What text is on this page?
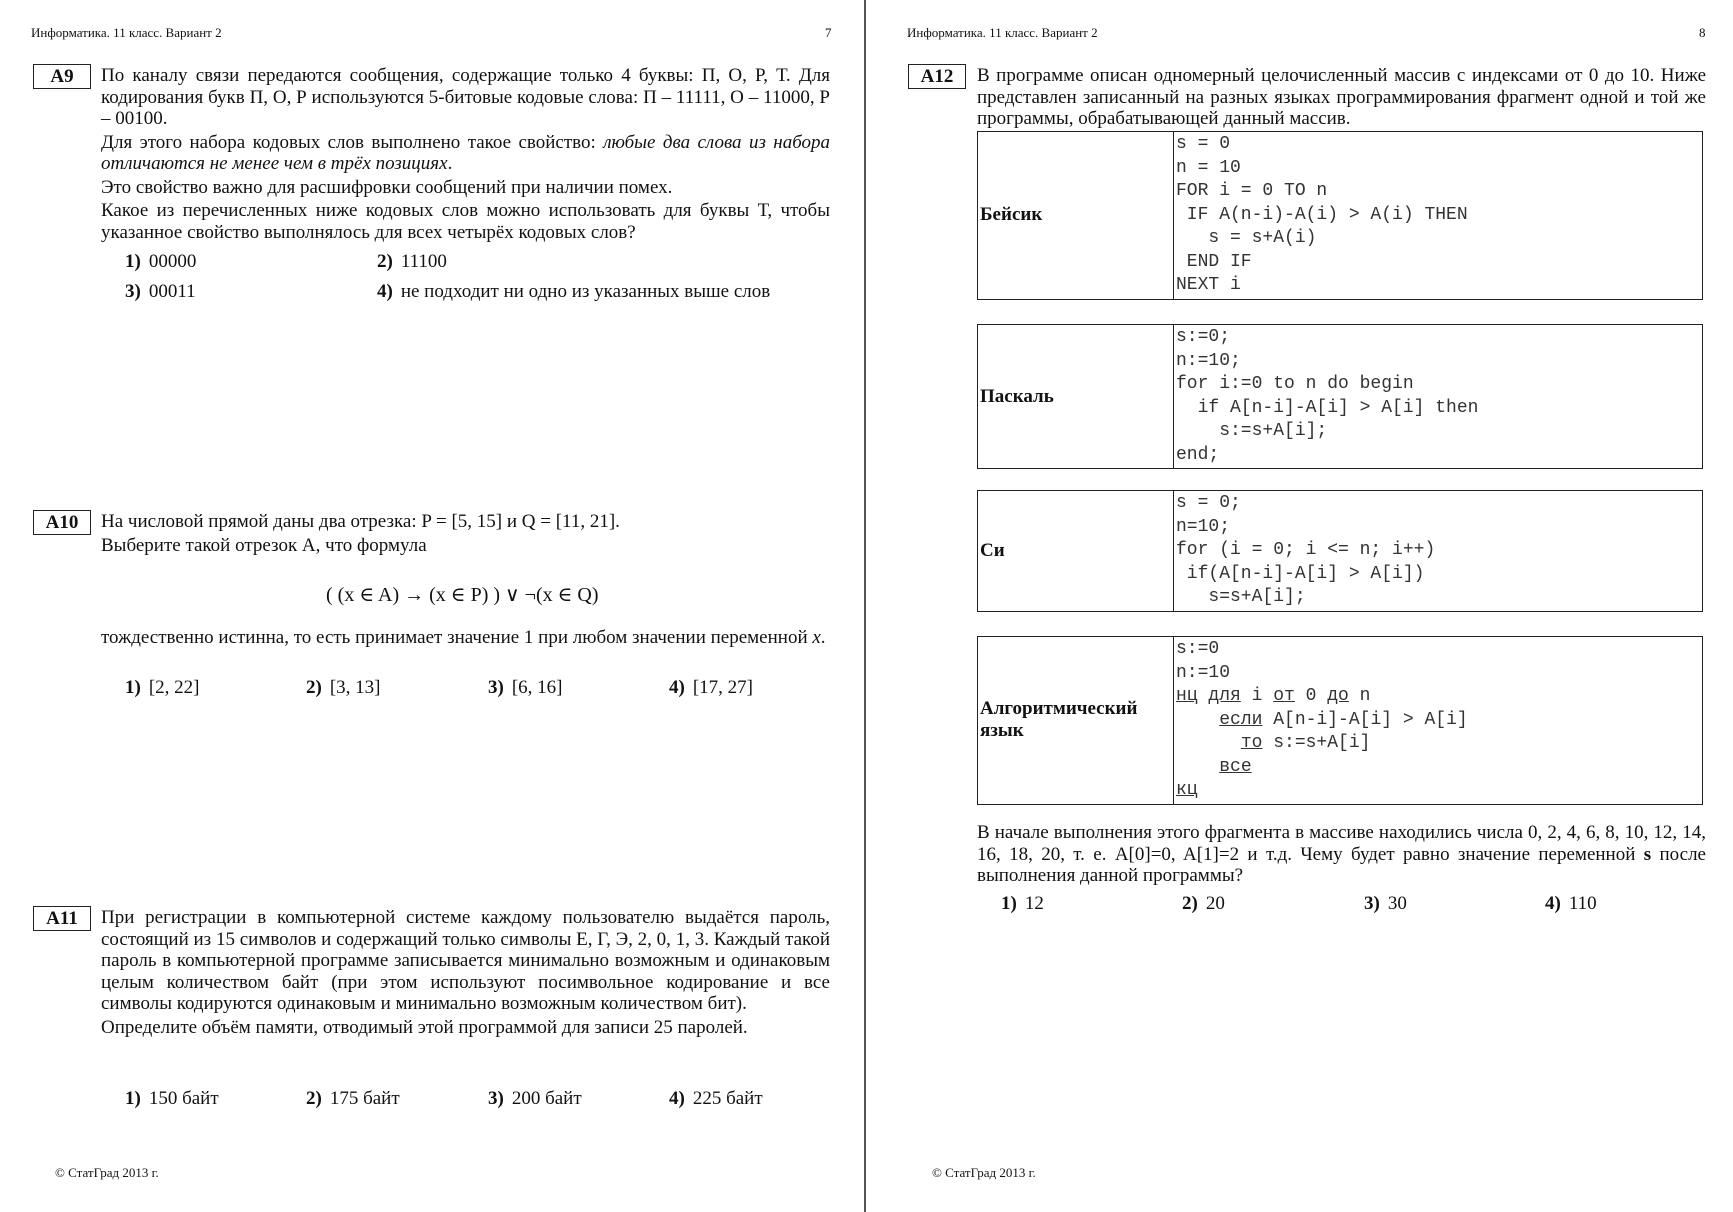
Информатика. 11 класс. Вариант 2	7
A9	По каналу связи передаются сообщения, содержащие только 4 буквы: П, О, Р, Т. Для кодирования букв П, О, Р используются 5-битовые кодовые слова: П – 11111, О – 11000, Р – 00100.

Для этого набора кодовых слов выполнено такое свойство: любые два слова из набора отличаются не менее чем в трёх позициях.

Это свойство важно для расшифровки сообщений при наличии помех.

Какое из перечисленных ниже кодовых слов можно использовать для буквы Т, чтобы указанное свойство выполнялось для всех четырёх кодовых слов?

1) 00000	2) 11100
3) 00011	4) не подходит ни одно из указанных выше слов
A10	На числовой прямой даны два отрезка: P = [5, 15] и Q = [11, 21].

Выберите такой отрезок A, что формула

( (x ∈ A) → (x ∈ P) ) ∨ ¬(x ∈ Q)

тождественно истинна, то есть принимает значение 1 при любом значении переменной х.

1) [2, 22]	2) [3, 13]	3) [6, 16]	4) [17, 27]
A11	При регистрации в компьютерной системе каждому пользователю выдаётся пароль, состоящий из 15 символов и содержащий только символы Е, Г, Э, 2, 0, 1, 3. Каждый такой пароль в компьютерной программе записывается минимально возможным и одинаковым целым количеством байт (при этом используют посимвольное кодирование и все символы кодируются одинаковым и минимально возможным количеством бит).

Определите объём памяти, отводимый этой программой для записи 25 паролей.

1) 150 байт	2) 175 байт	3) 200 байт	4) 225 байт
© СтатГрад 2013 г.
Информатика. 11 класс. Вариант 2	8
A12	В программе описан одномерный целочисленный массив с индексами от 0 до 10. Ниже представлен записанный на разных языках программирования фрагмент одной и той же программы, обрабатывающей данный массив.
Бейсик	s = 0
n = 10
FOR i = 0 TO n
IF A(n-i)-A(i) > A(i) THEN
s = s+A(i)
END IF
NEXT i
Паскаль	s:=0;
n:=10;
for i:=0 to n do begin
if A[n-i]-A[i] > A[i] then
s:=s+A[i];
end;
Си	s = 0;
n=10;
for (i = 0; i <= n; i++)
if(A[n-i]-A[i] > A[i])
s=s+A[i];
Алгоритмический язык	s:=0
n:=10
нц для i от 0 до n
если A[n-i]-A[i] > A[i]
то s:=s+A[i]
все
кц
В начале выполнения этого фрагмента в массиве находились числа 0, 2, 4, 6, 8, 10, 12, 14, 16, 18, 20, т. е. A[0]=0, A[1]=2 и т.д. Чему будет равно значение переменной s после выполнения данной программы?
1) 12	2) 20	3) 30	4) 110
© СтатГрад 2013 г.
